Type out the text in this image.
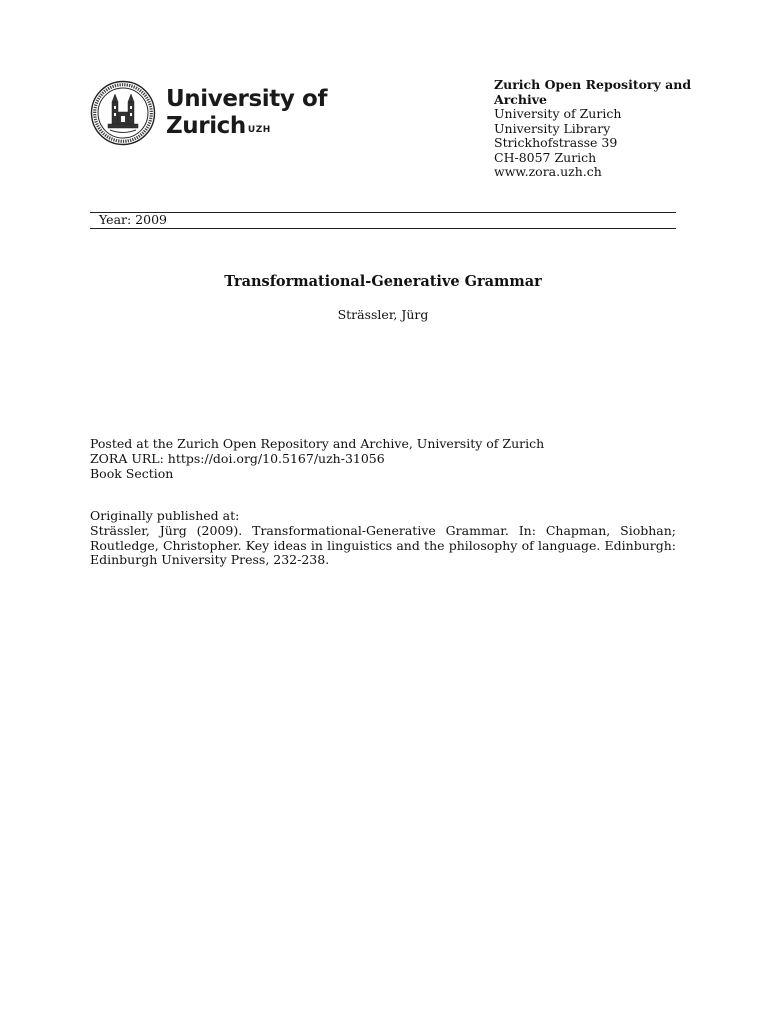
University of
Zurich $^{UZH}$
Zurich Open Repository and Archive
University of Zurich
University Library
Strickhofstrasse 39
CH-8057 Zurich
www.zora.uzh.ch
Year: 2009
Transformational-Generative Grammar
Strässler, Jürg
Posted at the Zurich Open Repository and Archive, University of Zurich
ZORA URL: https://doi.org/10.5167/uzh-31056
Book Section
Originally published at:
Strässler, Jürg (2009). Transformational-Generative Grammar. In: Chapman, Siobhan; Routledge, Christopher. Key ideas in linguistics and the philosophy of language. Edinburgh: Edinburgh University Press, 232-238.
